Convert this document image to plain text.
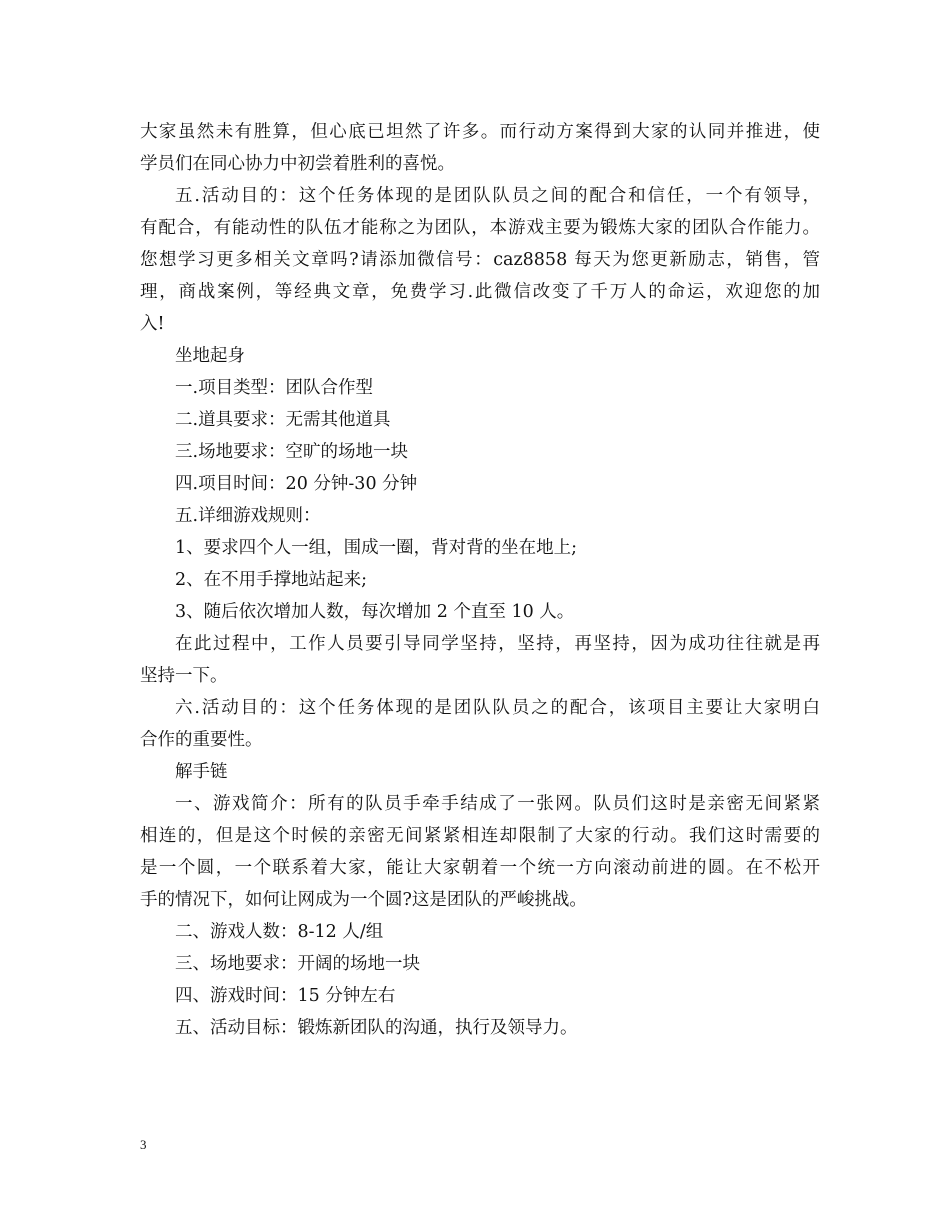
大家虽然未有胜算，但心底已坦然了许多。而行动方案得到大家的认同并推进，使
学员们在同心协力中初尝着胜利的喜悦。
五.活动目的：这个任务体现的是团队队员之间的配合和信任，一个有领导，
有配合，有能动性的队伍才能称之为团队，本游戏主要为锻炼大家的团队合作能力。
您想学习更多相关文章吗?请添加微信号：caz8858 每天为您更新励志，销售，管
理，商战案例，等经典文章，免费学习.此微信改变了千万人的命运，欢迎您的加
入!
坐地起身
一.项目类型：团队合作型
二.道具要求：无需其他道具
三.场地要求：空旷的场地一块
四.项目时间：20 分钟-30 分钟
五.详细游戏规则：
1、要求四个人一组，围成一圈，背对背的坐在地上;
2、在不用手撑地站起来;
3、随后依次增加人数，每次增加 2 个直至 10 人。
在此过程中，工作人员要引导同学坚持，坚持，再坚持，因为成功往往就是再
坚持一下。
六.活动目的：这个任务体现的是团队队员之的配合，该项目主要让大家明白
合作的重要性。
解手链
一、游戏简介：所有的队员手牵手结成了一张网。队员们这时是亲密无间紧紧
相连的，但是这个时候的亲密无间紧紧相连却限制了大家的行动。我们这时需要的
是一个圆，一个联系着大家，能让大家朝着一个统一方向滚动前进的圆。在不松开
手的情况下，如何让网成为一个圆?这是团队的严峻挑战。
二、游戏人数：8-12 人/组
三、场地要求：开阔的场地一块
四、游戏时间：15 分钟左右
五、活动目标：锻炼新团队的沟通，执行及领导力。
3
